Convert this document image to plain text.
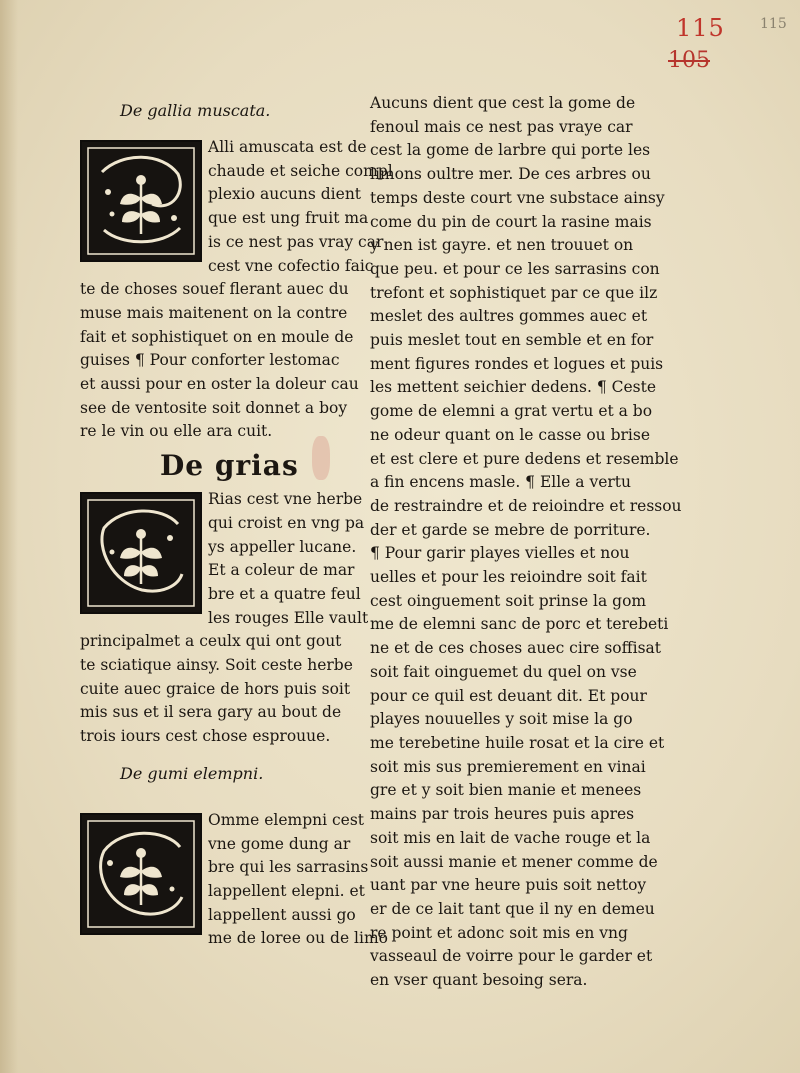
115
105
115
De gallia muscata.
Alli amuscata est de
chaude et seiche compl
plexio aucuns dient
que est ung fruit ma
is ce nest pas vray car
cest vne cofectio faic
te de choses souef flerant auec du
muse mais maitenent on la contre
fait et sophistiquet on en moule de
guises ¶ Pour conforter lestomac
et aussi pour en oster la doleur cau
see de ventosite soit donnet a boy
re le vin ou elle ara cuit.
De grias
Rias cest vne herbe
qui croist en vng pa
ys appeller lucane.
Et a coleur de mar
bre et a quatre feul
les rouges Elle vault
principalmet a ceulx qui ont gout
te sciatique ainsy. Soit ceste herbe
cuite auec graice de hors puis soit
mis sus et il sera gary au bout de
trois iours cest chose esprouue.
De gumi elempni.
Omme elempni cest
vne gome dung ar
bre qui les sarrasins
lappellent elepni. et
lappellent aussi go
me de loree ou de limo
Aucuns dient que cest la gome de
fenoul mais ce nest pas vraye car
cest la gome de larbre qui porte les
limons oultre mer. De ces arbres ou
temps deste court vne substace ainsy
come du pin de court la rasine mais
y nen ist gayre. et nen trouuet on
que peu. et pour ce les sarrasins con
trefont et sophistiquet par ce que ilz
meslet des aultres gommes auec et
puis meslet tout en semble et en for
ment figures rondes et logues et puis
les mettent seichier dedens. ¶ Ceste
gome de elemni a grat vertu et a bo
ne odeur quant on le casse ou brise
et est clere et pure dedens et resemble
a fin encens masle. ¶ Elle a vertu
de restraindre et de reioindre et ressou
der et garde se mebre de porriture.
¶ Pour garir playes vielles et nou
uelles et pour les reioindre soit fait
cest oinguement soit prinse la gom
me de elemni sanc de porc et terebeti
ne et de ces choses auec cire soffisat
soit fait oinguemet du quel on vse
pour ce quil est deuant dit. Et pour
playes nouuelles y soit mise la go
me terebetine huile rosat et la cire et
soit mis sus premierement en vinai
gre et y soit bien manie et menees
mains par trois heures puis apres
soit mis en lait de vache rouge et la
soit aussi manie et mener comme de
uant par vne heure puis soit nettoy
er de ce lait tant que il ny en demeu
re point et adonc soit mis en vng
vasseaul de voirre pour le garder et
en vser quant besoing sera.
